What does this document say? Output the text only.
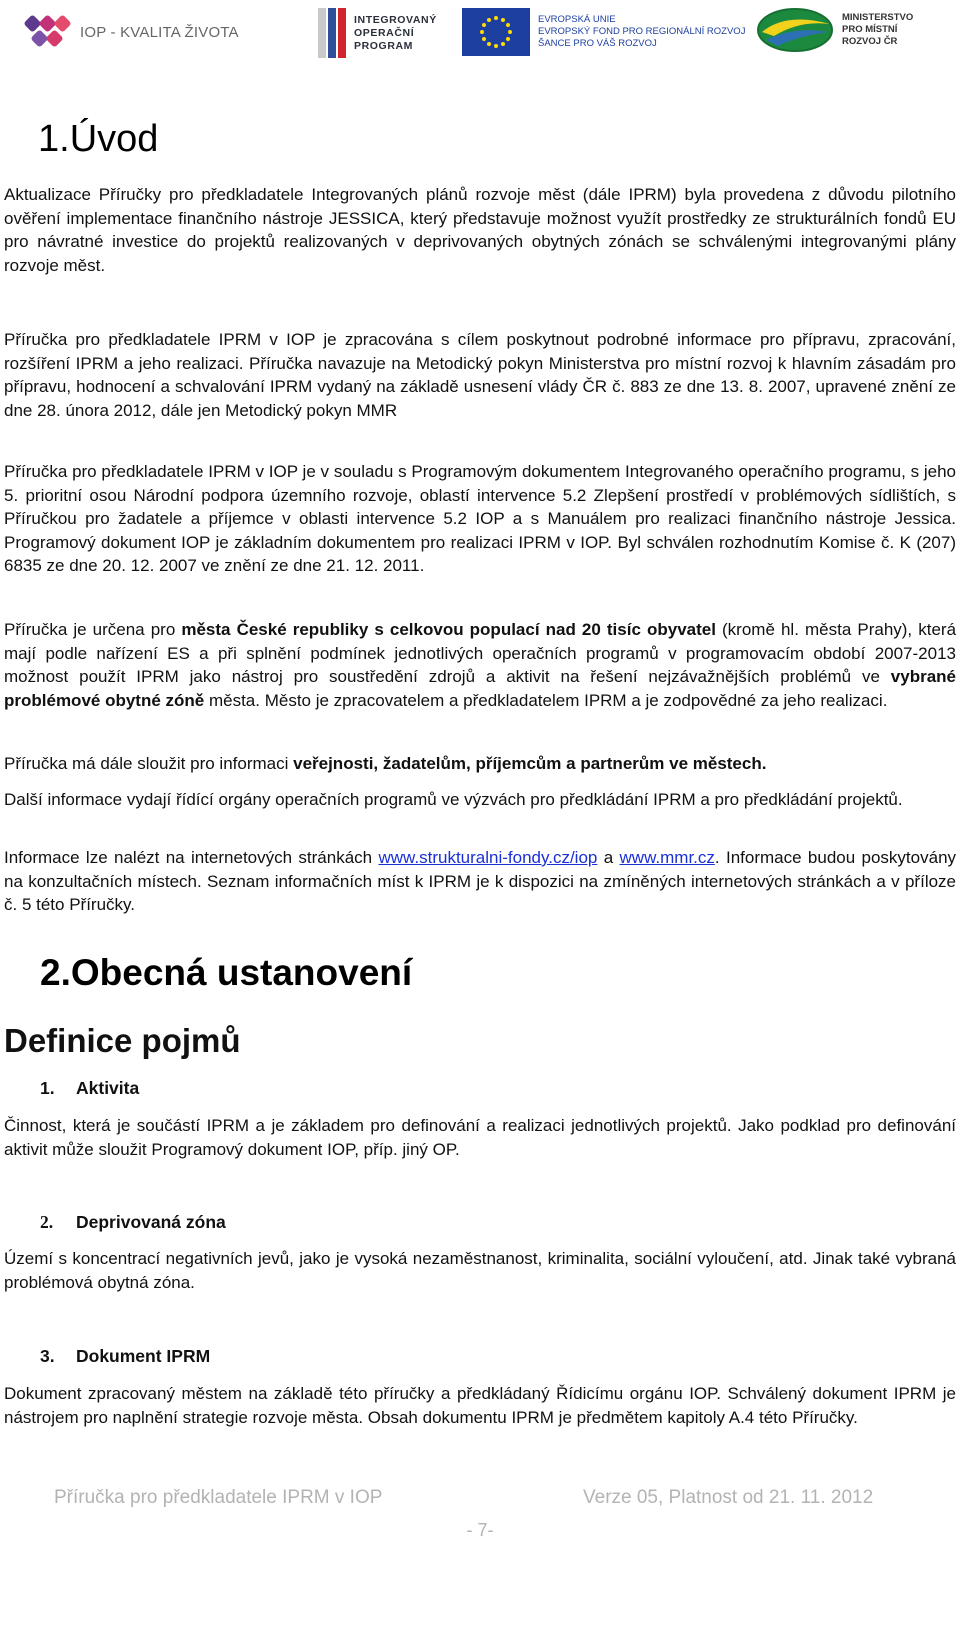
IOP - KVALITA ŽIVOTA
INTEGROVANÝ
OPERAČNÍ
PROGRAM
EVROPSKÁ UNIE
EVROPSKÝ FOND PRO REGIONÁLNÍ ROZVOJ
ŠANCE PRO VÁŠ ROZVOJ
MINISTERSTVO
PRO MÍSTNÍ
ROZVOJ ČR
1.Úvod

Aktualizace Příručky pro předkladatele Integrovaných plánů rozvoje měst (dále IPRM) byla provedena z důvodu pilotního ověření implementace finančního nástroje JESSICA, který představuje možnost využít prostředky ze strukturálních fondů EU pro návratné investice do projektů realizovaných v deprivovaných obytných zónách se schválenými integrovanými plány rozvoje měst.

Příručka pro předkladatele IPRM v IOP je zpracována s cílem poskytnout podrobné informace pro přípravu, zpracování, rozšíření IPRM a jeho realizaci. Příručka navazuje na Metodický pokyn Ministerstva pro místní rozvoj k hlavním zásadám pro přípravu, hodnocení a schvalování IPRM vydaný na základě usnesení vlády ČR č. 883 ze dne 13. 8. 2007, upravené znění ze dne 28. února 2012, dále jen Metodický pokyn MMR

Příručka pro předkladatele IPRM v IOP je v souladu s Programovým dokumentem Integrovaného operačního programu, s jeho 5. prioritní osou Národní podpora územního rozvoje, oblastí intervence 5.2 Zlepšení prostředí v problémových sídlištích, s Příručkou pro žadatele a příjemce v oblasti intervence 5.2 IOP a s Manuálem pro realizaci finančního nástroje Jessica. Programový dokument IOP je základním dokumentem pro realizaci IPRM v IOP. Byl schválen rozhodnutím Komise č. K (207) 6835 ze dne 20. 12. 2007 ve znění ze dne 21. 12. 2011.

Příručka je určena pro města České republiky s celkovou populací nad 20 tisíc obyvatel (kromě hl. města Prahy), která mají podle nařízení ES a při splnění podmínek jednotlivých operačních programů v programovacím období 2007-2013 možnost použít IPRM jako nástroj pro soustředění zdrojů a aktivit na řešení nejzávažnějších problémů ve vybrané problémové obytné zóně města. Město je zpracovatelem a předkladatelem IPRM a je zodpovědné za jeho realizaci.

Příručka má dále sloužit pro informaci veřejnosti, žadatelům, příjemcům a partnerům ve městech.

Další informace vydají řídící orgány operačních programů ve výzvách pro předkládání IPRM a pro předkládání projektů.

Informace lze nalézt na internetových stránkách www.strukturalni-fondy.cz/iop a www.mmr.cz. Informace budou poskytovány na konzultačních místech. Seznam informačních míst k IPRM je k dispozici na zmíněných internetových stránkách a v příloze č. 5 této Příručky.

2.Obecná ustanovení
Definice pojmů
1. Aktivita

Činnost, která je součástí IPRM a je základem pro definování a realizaci jednotlivých projektů. Jako podklad pro definování aktivit může sloužit Programový dokument IOP, příp. jiný OP.

2. Deprivovaná zóna

Území s koncentrací negativních jevů, jako je vysoká nezaměstnanost, kriminalita, sociální vyloučení, atd. Jinak také vybraná problémová obytná zóna.

3. Dokument IPRM

Dokument zpracovaný městem na základě této příručky a předkládaný Řídicímu orgánu IOP. Schválený dokument IPRM je nástrojem pro naplnění strategie rozvoje města. Obsah dokumentu IPRM je předmětem kapitoly A.4 této Příručky.

Příručka pro předkladatele IPRM v IOP	Verze 05, Platnost od 21. 11. 2012
- 7-
